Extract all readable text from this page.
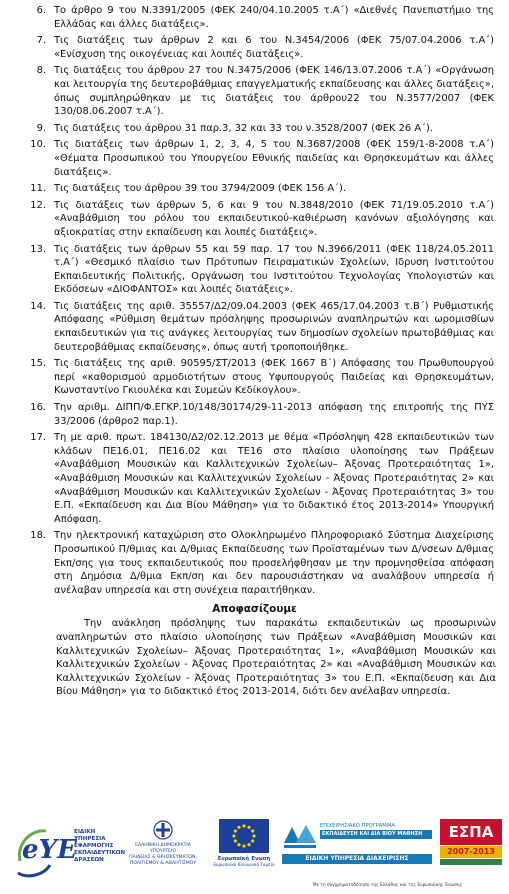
6. Το άρθρο 9 του Ν.3391/2005 (ΦΕΚ 240/04.10.2005 τ.Α΄) «Διεθνές Πανεπιστήμιο της Ελλάδας και άλλες διατάξεις».
7. Τις διατάξεις των άρθρων 2 και 6 του Ν.3454/2006 (ΦΕΚ 75/07.04.2006 τ.Α΄) «Ενίσχυση της οικογένειας και λοιπές διατάξεις».
8. Τις διατάξεις του άρθρου 27 του Ν.3475/2006 (ΦΕΚ 146/13.07.2006 τ.Α΄) «Οργάνωση και λειτουργία της δευτεροβάθμιας επαγγελματικής εκπαίδευσης και άλλες διατάξεις», όπως συμπληρώθηκαν με τις διατάξεις του άρθρου22 του Ν.3577/2007 (ΦΕΚ 130/08.06.2007 τ.Α΄).
9. Τις διατάξεις του άρθρου 31 παρ.3, 32 και 33 του ν.3528/2007 (ΦΕΚ 26 Α΄).
10. Τις διατάξεις των άρθρων 1, 2, 3, 4, 5 του Ν.3687/2008 (ΦΕΚ 159/1-8-2008 τ.Α΄) «Θέματα Προσωπικού του Υπουργείου Εθνικής παιδείας και Θρησκευμάτων και άλλες διατάξεις».
11. Τις διατάξεις του άρθρου 39 του 3794/2009 (ΦΕΚ 156 Α΄).
12. Τις διατάξεις των άρθρων 5, 6 και 9 του Ν.3848/2010 (ΦΕΚ 71/19.05.2010 τ.Α΄) «Αναβάθμιση του ρόλου του εκπαιδευτικού-καθιέρωση κανόνων αξιολόγησης και αξιοκρατίας στην εκπαίδευση και λοιπές διατάξεις».
13. Τις διατάξεις των άρθρων 55 και 59 παρ. 17 του Ν.3966/2011 (ΦΕΚ 118/24.05.2011 τ.Α΄) «Θεσμικό πλαίσιο των Πρότυπων Πειραματικών Σχολείων, Ιδρυση Ινστιτούτου Εκπαιδευτικής Πολιτικής, Οργάνωση του Ινστιτούτου Τεχνολογίας Υπολογιστών και Εκδόσεων «ΔΙΟΦΑΝΤΟΣ» και λοιπές διατάξεις».
14. Τις διατάξεις της αριθ. 35557/Δ2/09.04.2003 (ΦΕΚ 465/17.04.2003 τ.Β΄) Ρυθμιστικής Απόφασης «Ρύθμιση θεμάτων πρόσληψης προσωρινών αναπληρωτών και ωρομισθίων εκπαιδευτικών για τις ανάγκες λειτουργίας των δημοσίων σχολείων πρωτοβάθμιας και δευτεροβάθμιας εκπαίδευσης», όπως αυτή τροποποιήθηκε.
15. Τις διατάξεις της αριθ. 90595/ΣΤ/2013 (ΦΕΚ 1667 Β΄) Απόφασης του Πρωθυπουργού περί «καθορισμού αρμοδιοτήτων στους Υφυπουργούς Παιδείας και Θρησκευμάτων, Κωνσταντίνο Γκιουλέκα και Συμεών Κεδίκογλου».
16. Την αριθμ. ΔΙΠΠ/Φ.ΕΓΚΡ.10/148/30174/29-11-2013 απόφαση της επιτροπής της ΠΥΣ 33/2006 (άρθρο2 παρ.1).
17. Τη με αριθ. πρωτ. 184130/Δ2/02.12.2013 με θέμα «Πρόσληψη 428 εκπαιδευτικών των κλάδων ΠΕ16.01, ΠΕ16.02 και ΤΕ16 στο πλαίσιο υλοποίησης των Πράξεων «Αναβάθμιση Μουσικών και Καλλιτεχνικών Σχολείων– Άξονας Προτεραιότητας 1», «Αναβάθμιση Μουσικών και Καλλιτεχνικών Σχολείων - Άξονας Προτεραιότητας 2» και «Αναβάθμιση Μουσικών και Καλλιτεχνικών Σχολείων - Άξονας Προτεραιότητας 3» του Ε.Π. «Εκπαίδευση και Δια Βίου Μάθηση» για το διδακτικό έτος 2013-2014» Υπουργική Απόφαση.
18. Την ηλεκτρονική καταχώριση στο Ολοκληρωμένο Πληροφοριακό Σύστημα Διαχείρισης Προσωπικού Π/θμιας και Δ/θμιας Εκπαίδευσης των Προϊσταμένων των Δ/νσεων Δ/θμιας Εκπ/σης για τους εκπαιδευτικούς που προσελήφθησαν με την προμνησθείσα απόφαση στη Δημόσια Δ/θμια Εκπ/ση και δεν παρουσιάστηκαν να αναλάβουν υπηρεσία ή ανέλαβαν υπηρεσία και στη συνέχεια παραιτήθηκαν.
Αποφασίζουμε
Την ανάκληση πρόσληψης των παρακάτω εκπαιδευτικών ως προσωρινών αναπληρωτών στο πλαίσιο υλοποίησης των Πράξεων «Αναβάθμιση Μουσικών και Καλλιτεχνικών Σχολείων– Άξονας Προτεραιότητας 1», «Αναβάθμιση Μουσικών και Καλλιτεχνικών Σχολείων - Άξονας Προτεραιότητας 2» και «Αναβάθμιση Μουσικών και Καλλιτεχνικών Σχολείων - Άξονας Προτεραιότητας 3» του Ε.Π. «Εκπαίδευση και Δια Βίου Μάθηση» για το διδακτικό έτος 2013-2014, διότι δεν ανέλαβαν υπηρεσία.
eYE
ΕΙΔΙΚΗ
ΥΠΗΡΕΣΙΑ
ΕΦΑΡΜΟΓΗΣ
ΕΚΠΑΙΔΕΥΤΙΚΩΝ
ΔΡΑΣΕΩΝ
ΕΛΛΗΝΙΚΗ ΔΗΜΟΚΡΑΤΙΑ
ΥΠΟΥΡΓΕΙΟ
ΠΑΙΔΕΙΑΣ & ΘΡΗΣΚΕΥΜΑΤΩΝ,
ΠΟΛΙΤΙΣΜΟΥ & ΑΘΛΗΤΙΣΜΟΥ
Ευρωπαϊκή Ένωση
Ευρωπαϊκό Κοινωνικό Ταμείο
ΕΠΙΧΕΙΡΗΣΙΑΚΟ ΠΡΟΓΡΑΜΜΑ
ΕΚΠΑΙΔΕΥΣΗ ΚΑΙ ΔΙΑ ΒΙΟΥ ΜΑΘΗΣΗ
ΕΙΔΙΚΗ ΥΠΗΡΕΣΙΑ ΔΙΑΧΕΙΡΙΣΗΣ
ΕΣΠΑ
2007-2013
Με τη συγχρηματοδότηση της Ελλάδας και της Ευρωπαϊκής Ένωσης
